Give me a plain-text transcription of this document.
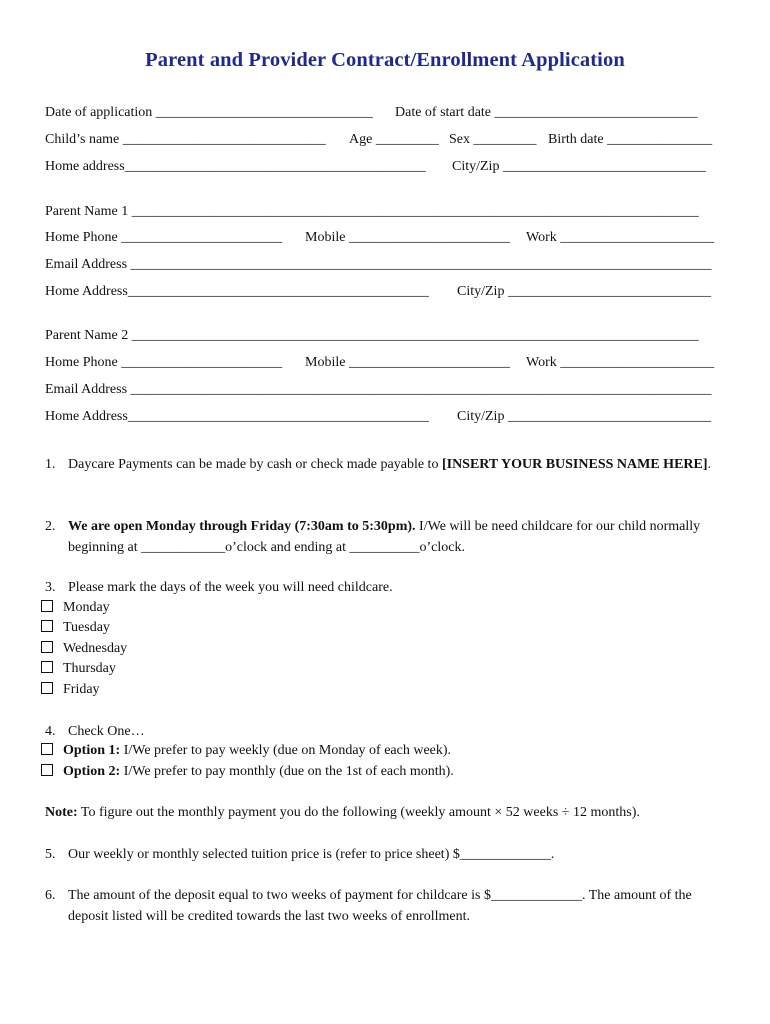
Parent and Provider Contract/Enrollment Application
Date of application _______________________________ Date of start date _____________________________
Child’s name _____________________________ Age _________ Sex _________ Birth date _______________
Home address___________________________________________ City/Zip _____________________________
Parent Name 1 _________________________________________________________________________________
Home Phone _______________________ Mobile _______________________ Work ______________________
Email Address ___________________________________________________________________________________
Home Address___________________________________________ City/Zip _____________________________
Parent Name 2 _________________________________________________________________________________
Home Phone _______________________ Mobile _______________________ Work ______________________
Email Address ___________________________________________________________________________________
Home Address___________________________________________ City/Zip _____________________________
1. Daycare Payments can be made by cash or check made payable to [INSERT YOUR BUSINESS NAME HERE].
2. We are open Monday through Friday (7:30am to 5:30pm). I/We will be need childcare for our child normally beginning at ____________o’clock and ending at __________o’clock.
3. Please mark the days of the week you will need childcare.
Monday
Tuesday
Wednesday
Thursday
Friday
4. Check One…
Option 1: I/We prefer to pay weekly (due on Monday of each week).
Option 2: I/We prefer to pay monthly (due on the 1st of each month).
Note: To figure out the monthly payment you do the following (weekly amount × 52 weeks ÷ 12 months).
5. Our weekly or monthly selected tuition price is (refer to price sheet) $_____________.
6. The amount of the deposit equal to two weeks of payment for childcare is $_____________. The amount of the deposit listed will be credited towards the last two weeks of enrollment.
